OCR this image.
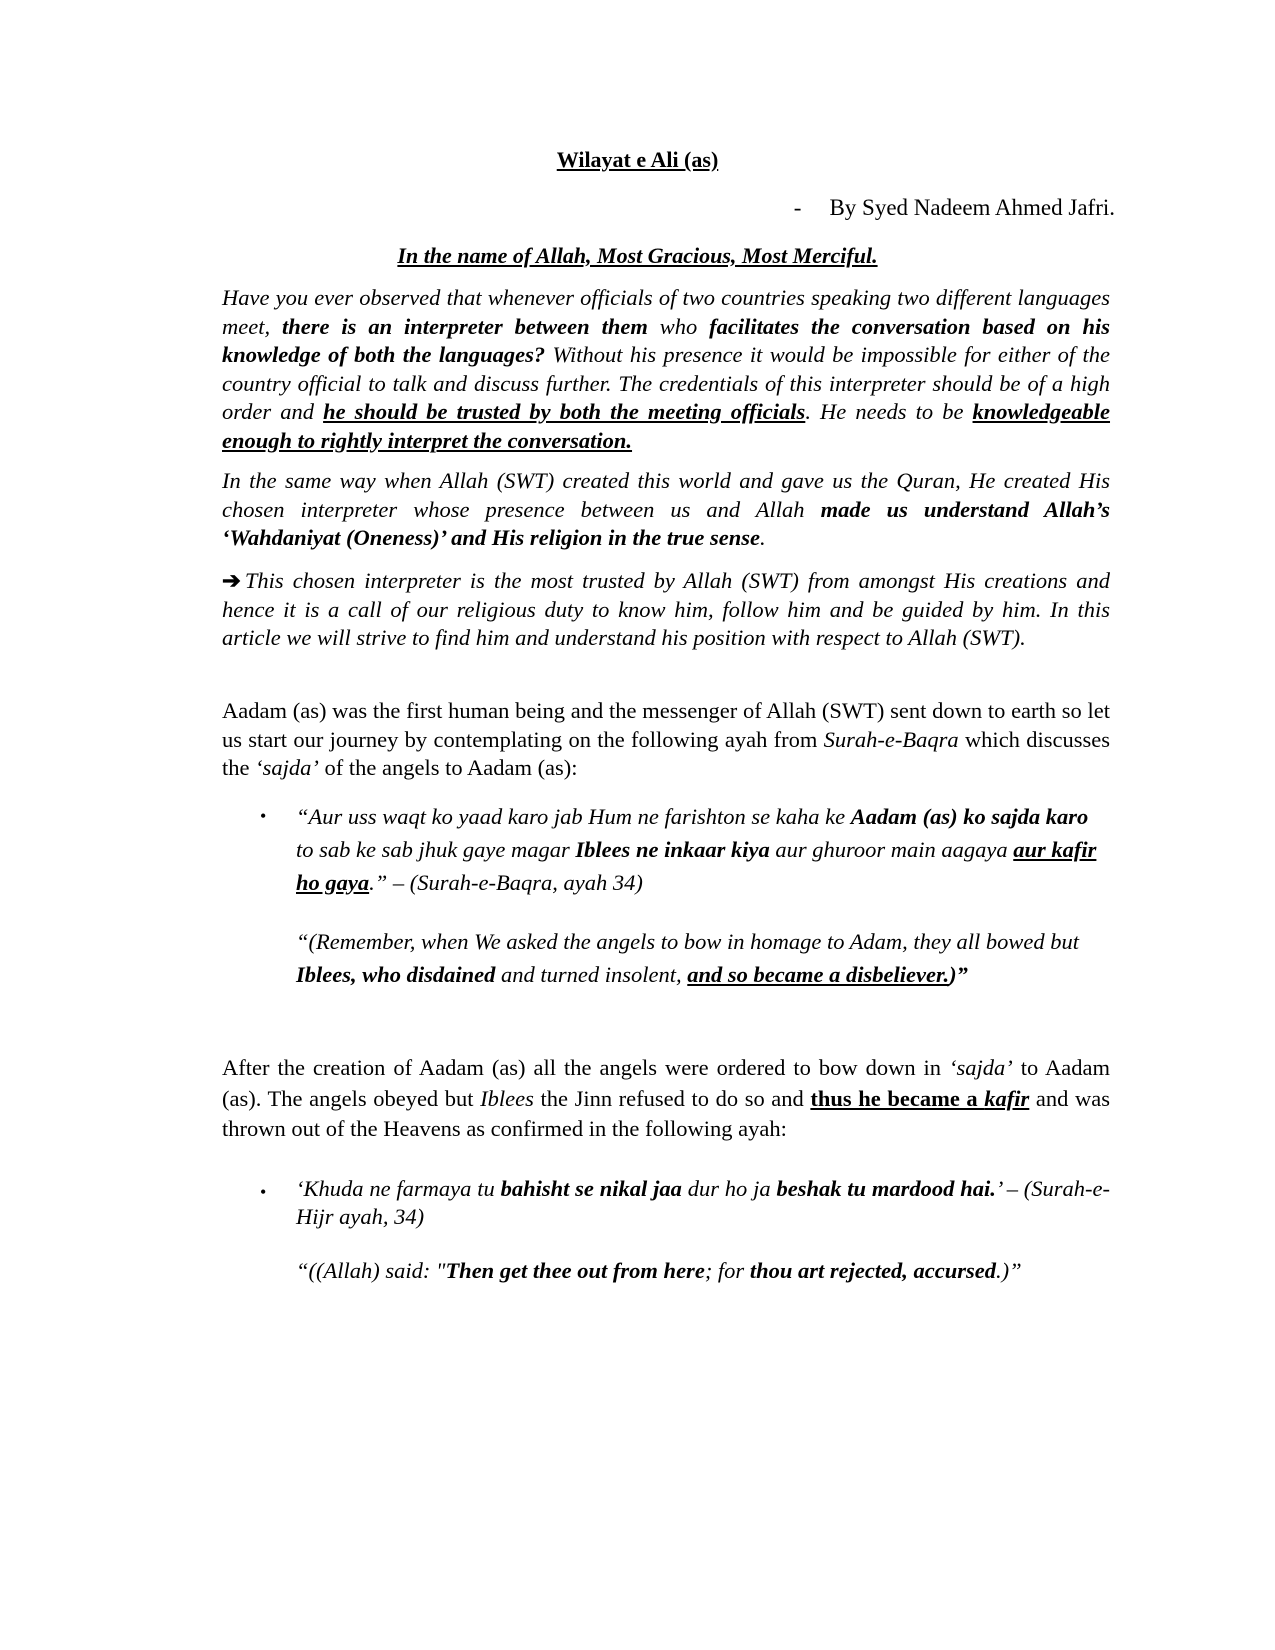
Wilayat e Ali (as)
- By Syed Nadeem Ahmed Jafri.
In the name of Allah, Most Gracious, Most Merciful.
Have you ever observed that whenever officials of two countries speaking two different languages meet, there is an interpreter between them who facilitates the conversation based on his knowledge of both the languages? Without his presence it would be impossible for either of the country official to talk and discuss further. The credentials of this interpreter should be of a high order and he should be trusted by both the meeting officials. He needs to be knowledgeable enough to rightly interpret the conversation.
In the same way when Allah (SWT) created this world and gave us the Quran, He created His chosen interpreter whose presence between us and Allah made us understand Allah’s ‘Wahdaniyat (Oneness)’ and His religion in the true sense.
➔ This chosen interpreter is the most trusted by Allah (SWT) from amongst His creations and hence it is a call of our religious duty to know him, follow him and be guided by him. In this article we will strive to find him and understand his position with respect to Allah (SWT).
Aadam (as) was the first human being and the messenger of Allah (SWT) sent down to earth so let us start our journey by contemplating on the following ayah from Surah-e-Baqra which discusses the ‘sajda’ of the angels to Aadam (as):
• “Aur uss waqt ko yaad karo jab Hum ne farishton se kaha ke Aadam (as) ko sajda karo to sab ke sab jhuk gaye magar Iblees ne inkaar kiya aur ghuroor main aagaya aur kafir ho gaya.” – (Surah-e-Baqra, ayah 34)
“(Remember, when We asked the angels to bow in homage to Adam, they all bowed but Iblees, who disdained and turned insolent, and so became a disbeliever.)”
After the creation of Aadam (as) all the angels were ordered to bow down in ‘sajda’ to Aadam (as). The angels obeyed but Iblees the Jinn refused to do so and thus he became a kafir and was thrown out of the Heavens as confirmed in the following ayah:
• ‘Khuda ne farmaya tu bahisht se nikal jaa dur ho ja beshak tu mardood hai.’ – (Surah-e-Hijr ayah, 34)
“((Allah) said: "Then get thee out from here; for thou art rejected, accursed.)”
